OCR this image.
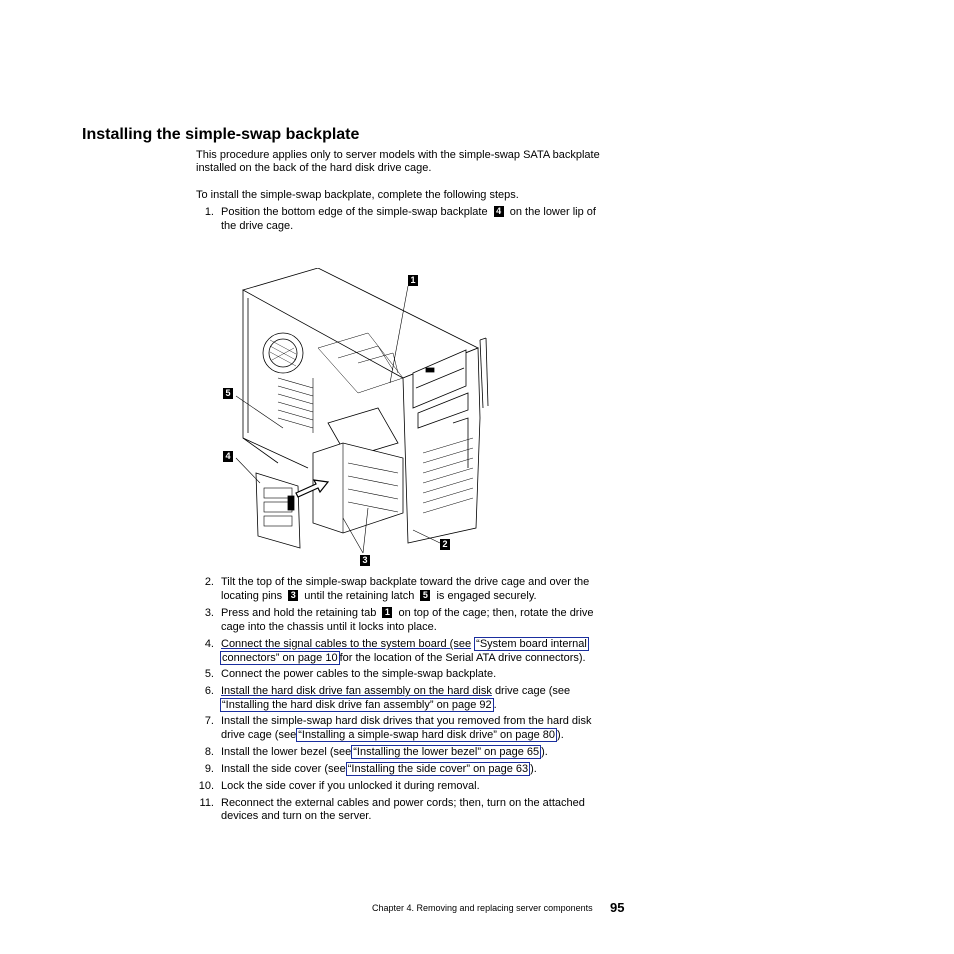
Installing the simple-swap backplate
This procedure applies only to server models with the simple-swap SATA backplate
installed on the back of the hard disk drive cage.
To install the simple-swap backplate, complete the following steps.
1. Position the bottom edge of the simple-swap backplate 4 on the lower lip of
the drive cage.
1
5
4
2
3
2. Tilt the top of the simple-swap backplate toward the drive cage and over the
locating pins 3 until the retaining latch 5 is engaged securely.
3. Press and hold the retaining tab 1 on top of the cage; then, rotate the drive
cage into the chassis until it locks into place.
4. Connect the signal cables to the system board (see “System board internal
connectors” on page 10 for the location of the Serial ATA drive connectors).
5. Connect the power cables to the simple-swap backplate.
6. Install the hard disk drive fan assembly on the hard disk drive cage (see
“Installing the hard disk drive fan assembly” on page 92 .
7. Install the simple-swap hard disk drives that you removed from the hard disk
drive cage (see “Installing a simple-swap hard disk drive” on page 80 ).
8. Install the lower bezel (see “Installing the lower bezel” on page 65 ).
9. Install the side cover (see “Installing the side cover” on page 63 ).
10. Lock the side cover if you unlocked it during removal.
11. Reconnect the external cables and power cords; then, turn on the attached
devices and turn on the server.
Chapter 4. Removing and replacing server components 95
